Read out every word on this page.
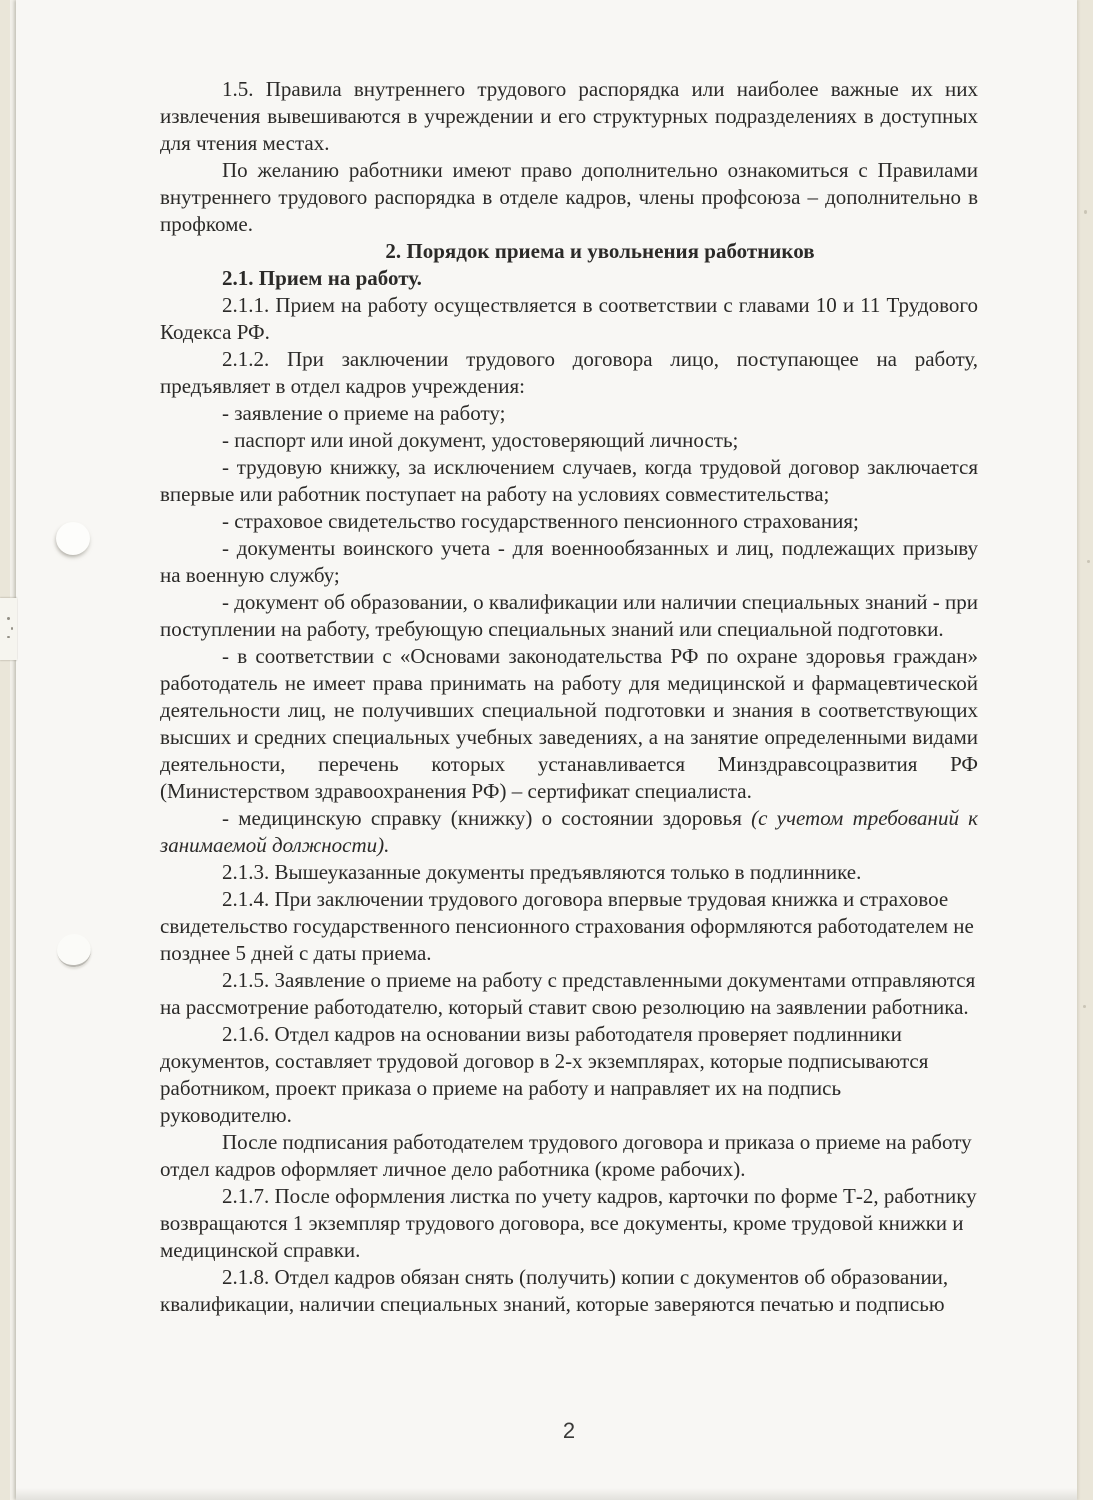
1.5. Правила внутреннего трудового распорядка или наиболее важные их них извлечения вывешиваются в учреждении и его структурных подразделениях в доступных для чтения местах.

По желанию работники имеют право дополнительно ознакомиться с Правилами внутреннего трудового распорядка в отделе кадров, члены профсоюза – дополнительно в профкоме.

2. Порядок приема и увольнения работников

2.1. Прием на работу.

2.1.1. Прием на работу осуществляется в соответствии с главами 10 и 11 Трудового Кодекса РФ.

2.1.2. При заключении трудового договора лицо, поступающее на работу, предъявляет в отдел кадров учреждения:

- заявление о приеме на работу;

- паспорт или иной документ, удостоверяющий личность;

- трудовую книжку, за исключением случаев, когда трудовой договор заключается впервые или работник поступает на работу на условиях совместительства;

- страховое свидетельство государственного пенсионного страхования;

- документы воинского учета - для военнообязанных и лиц, подлежащих призыву на военную службу;

- документ об образовании, о квалификации или наличии специальных знаний - при поступлении на работу, требующую специальных знаний или специальной подготовки.

- в соответствии с «Основами законодательства РФ по охране здоровья граждан» работодатель не имеет права принимать на работу для медицинской и фармацевтической деятельности лиц, не получивших специальной подготовки и знания в соответствующих высших и средних специальных учебных заведениях, а на занятие определенными видами деятельности, перечень которых устанавливается Минздравсоцразвития РФ (Министерством здравоохранения РФ) – сертификат специалиста.

- медицинскую справку (книжку) о состоянии здоровья (с учетом требований к занимаемой должности).

2.1.3. Вышеуказанные документы предъявляются только в подлиннике.

2.1.4. При заключении трудового договора впервые трудовая книжка и страховое свидетельство государственного пенсионного страхования оформляются работодателем не позднее 5 дней с даты приема.

2.1.5. Заявление о приеме на работу с представленными документами отправляются на рассмотрение работодателю, который ставит свою резолюцию на заявлении работника.

2.1.6. Отдел кадров на основании визы работодателя проверяет подлинники документов, составляет трудовой договор в 2-х экземплярах, которые подписываются работником, проект приказа о приеме на работу и направляет их на подпись руководителю.

После подписания работодателем трудового договора и приказа о приеме на работу отдел кадров оформляет личное дело работника (кроме рабочих).

2.1.7. После оформления листка по учету кадров, карточки по форме Т-2, работнику возвращаются 1 экземпляр трудового договора, все документы, кроме трудовой книжки и медицинской справки.

2.1.8. Отдел кадров обязан снять (получить) копии с документов об образовании, квалификации, наличии специальных знаний, которые заверяются печатью и подписью

2
